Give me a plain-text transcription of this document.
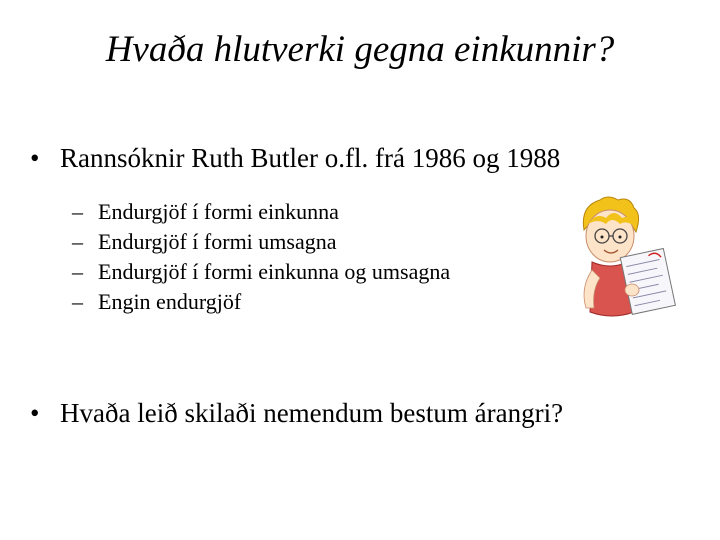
Hvaða hlutverki gegna einkunnir?
• Rannsóknir Ruth Butler o.fl. frá 1986 og 1988
– Endurgjöf í formi einkunna
– Endurgjöf í formi umsagna
– Endurgjöf í formi einkunna og umsagna
– Engin endurgjöf
• Hvaða leið skilaði nemendum bestum árangri?
